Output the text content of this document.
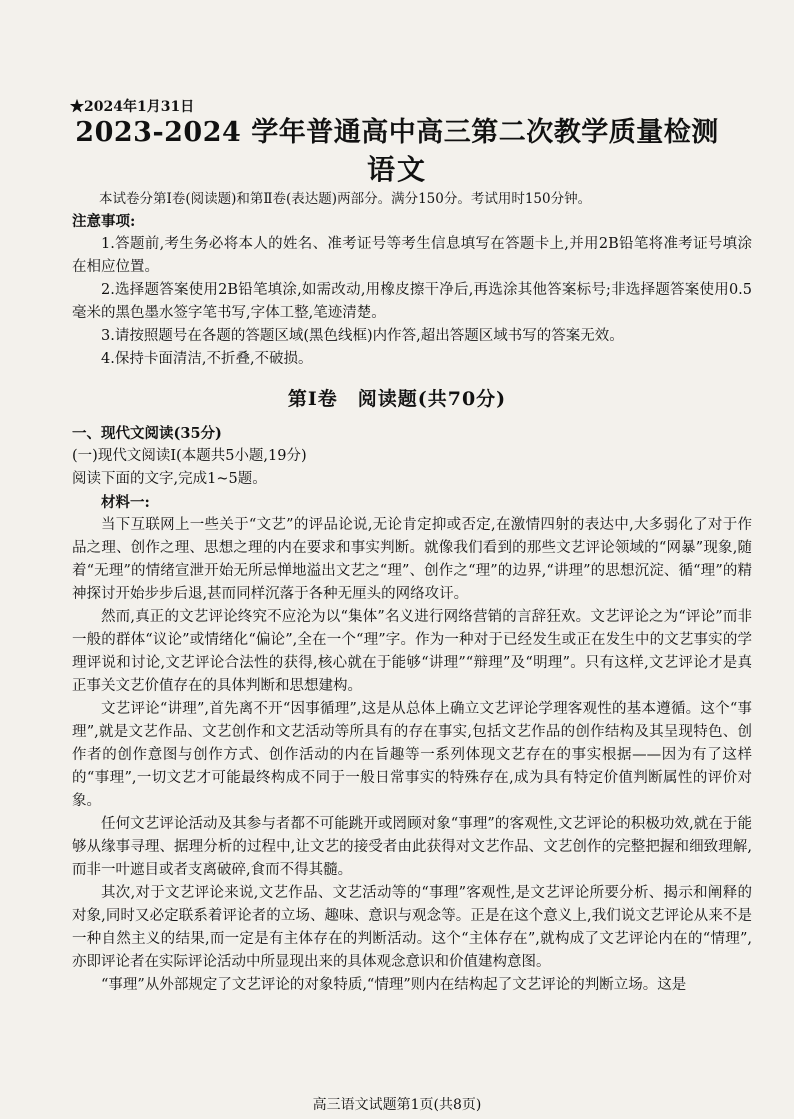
★2024年1月31日
2023-2024 学年普通高中高三第二次教学质量检测
语文

本试卷分第Ⅰ卷(阅读题)和第Ⅱ卷(表达题)两部分。满分150分。考试用时150分钟。

注意事项:

1.答题前,考生务必将本人的姓名、准考证号等考生信息填写在答题卡上,并用2B铅笔将准考证号填涂在相应位置。

2.选择题答案使用2B铅笔填涂,如需改动,用橡皮擦干净后,再选涂其他答案标号;非选择题答案使用0.5毫米的黑色墨水签字笔书写,字体工整,笔迹清楚。

3.请按照题号在各题的答题区域(黑色线框)内作答,超出答题区域书写的答案无效。

4.保持卡面清洁,不折叠,不破损。

第Ⅰ卷　阅读题(共70分)

一、现代文阅读(35分)

(一)现代文阅读Ⅰ(本题共5小题,19分)

阅读下面的文字,完成1~5题。

材料一:

当下互联网上一些关于“文艺”的评品论说,无论肯定抑或否定,在激情四射的表达中,大多弱化了对于作品之理、创作之理、思想之理的内在要求和事实判断。就像我们看到的那些文艺评论领域的“网暴”现象,随着“无理”的情绪宣泄开始无所忌惮地溢出文艺之“理”、创作之“理”的边界,“讲理”的思想沉淀、循“理”的精神探讨开始步步后退,甚而同样沉落于各种无厘头的网络攻讦。

然而,真正的文艺评论终究不应沦为以“集体”名义进行网络营销的言辞狂欢。文艺评论之为“评论”而非一般的群体“议论”或情绪化“偏论”,全在一个“理”字。作为一种对于已经发生或正在发生中的文艺事实的学理评说和讨论,文艺评论合法性的获得,核心就在于能够“讲理”“辩理”及“明理”。只有这样,文艺评论才是真正事关文艺价值存在的具体判断和思想建构。

文艺评论“讲理”,首先离不开“因事循理”,这是从总体上确立文艺评论学理客观性的基本遵循。这个“事理”,就是文艺作品、文艺创作和文艺活动等所具有的存在事实,包括文艺作品的创作结构及其呈现特色、创作者的创作意图与创作方式、创作活动的内在旨趣等一系列体现文艺存在的事实根据——因为有了这样的“事理”,一切文艺才可能最终构成不同于一般日常事实的特殊存在,成为具有特定价值判断属性的评价对象。

任何文艺评论活动及其参与者都不可能跳开或罔顾对象“事理”的客观性,文艺评论的积极功效,就在于能够从缘事寻理、据理分析的过程中,让文艺的接受者由此获得对文艺作品、文艺创作的完整把握和细致理解,而非一叶遮目或者支离破碎,食而不得其髓。

其次,对于文艺评论来说,文艺作品、文艺活动等的“事理”客观性,是文艺评论所要分析、揭示和阐释的对象,同时又必定联系着评论者的立场、趣味、意识与观念等。正是在这个意义上,我们说文艺评论从来不是一种自然主义的结果,而一定是有主体存在的判断活动。这个“主体存在”,就构成了文艺评论内在的“情理”,亦即评论者在实际评论活动中所显现出来的具体观念意识和价值建构意图。

“事理”从外部规定了文艺评论的对象特质,“情理”则内在结构起了文艺评论的判断立场。这是

高三语文试题第1页(共8页)
